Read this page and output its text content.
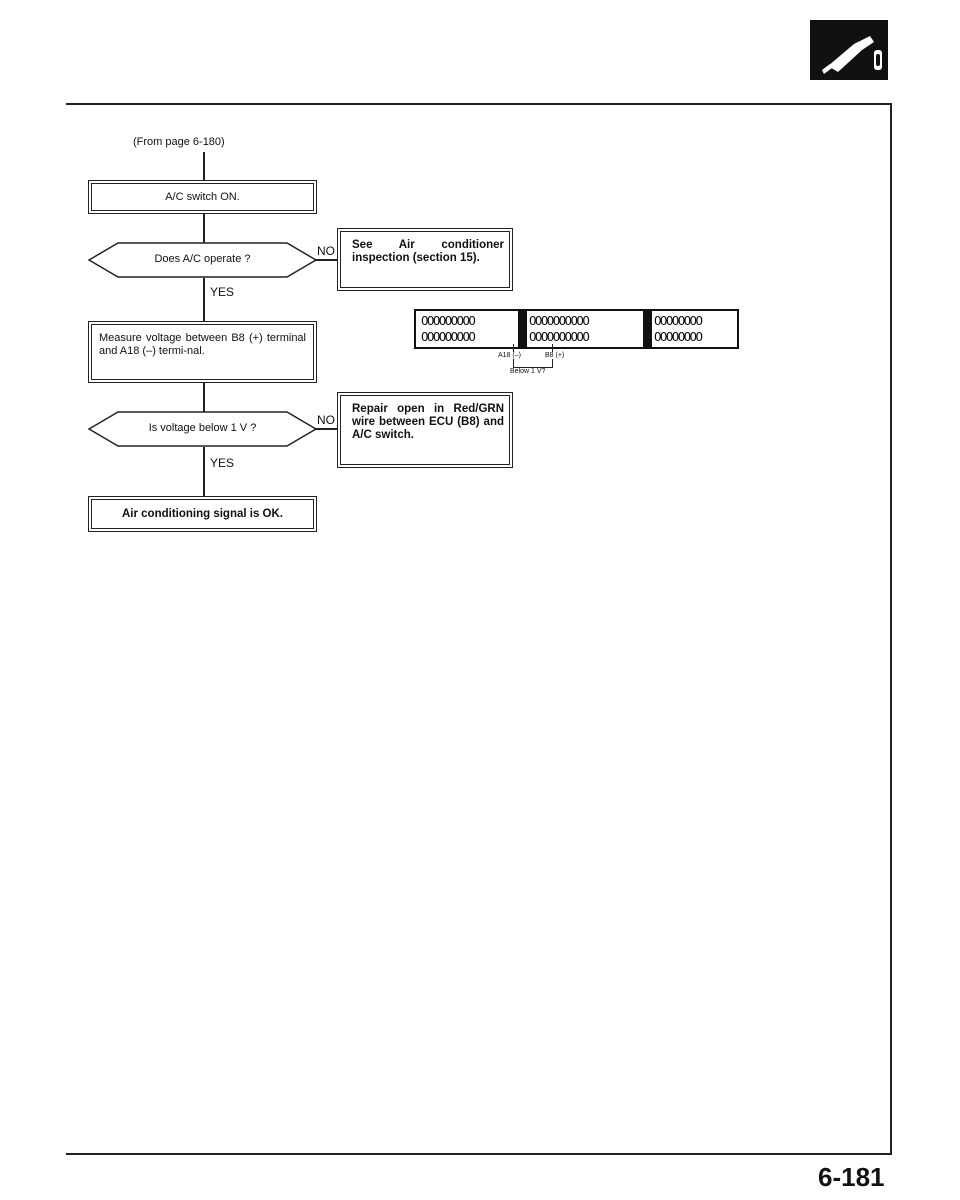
(From page 6-180)
A/C switch ON.
Does A/C operate ?
NO See Air conditioner inspection (section 15).
YES
Measure voltage between B8 (+) terminal and A18 (–) termi-nal.
Is voltage below 1 V ?
NO
Repair open in Red/GRN wire between ECU (B8) and A/C switch.
YES
Air conditioning signal is OK.
OOOOOOOOO
OOOOOOOOO
OOOOOOOOOO
OOOOOOOOOO
OOOOOOOO
OOOOOOOO
A18 (–)	B8 (+)
Below 1 V?
6-181
